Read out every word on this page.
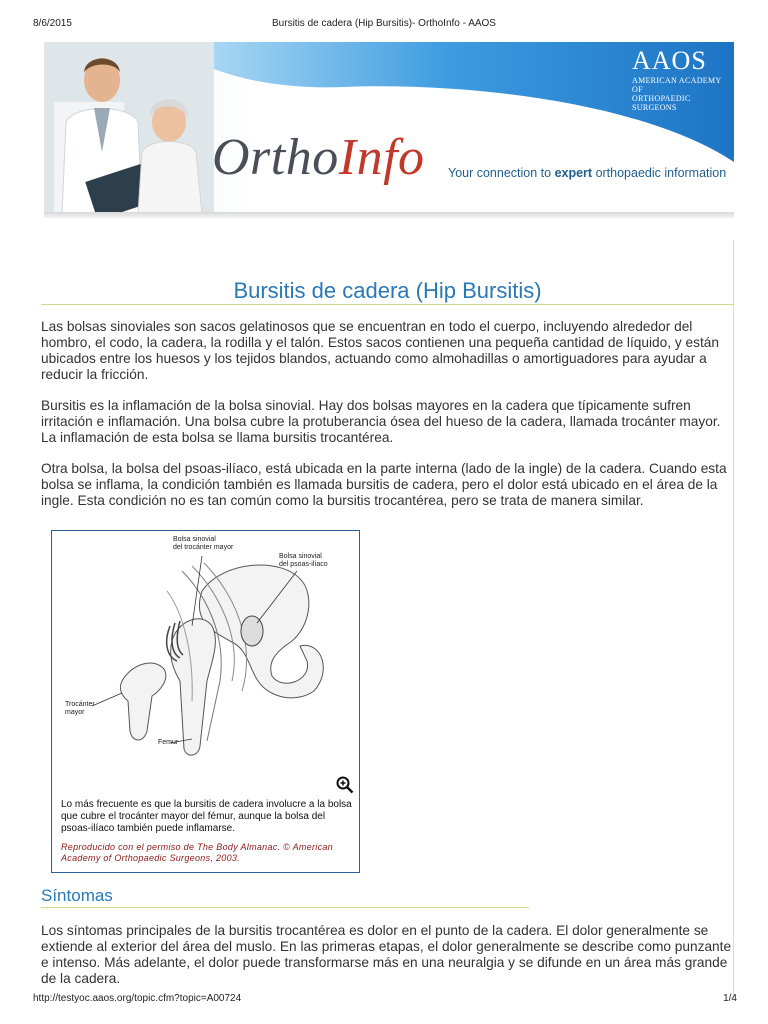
8/6/2015	Bursitis de cadera (Hip Bursitis)- OrthoInfo - AAOS
AAOS
AMERICAN ACADEMY OF
ORTHOPAEDIC SURGEONS
OrthoInfo Your connection to expert orthopaedic information
Bursitis de cadera (Hip Bursitis)

Las bolsas sinoviales son sacos gelatinosos que se encuentran en todo el cuerpo, incluyendo alrededor del hombro, el codo, la cadera, la rodilla y el talón. Estos sacos contienen una pequeña cantidad de líquido, y están ubicados entre los huesos y los tejidos blandos, actuando como almohadillas o amortiguadores para ayudar a reducir la fricción.

Bursitis es la inflamación de la bolsa sinovial. Hay dos bolsas mayores en la cadera que típicamente sufren irritación e inflamación. Una bolsa cubre la protuberancia ósea del hueso de la cadera, llamada trocánter mayor. La inflamación de esta bolsa se llama bursitis trocantérea.

Otra bolsa, la bolsa del psoas-ilíaco, está ubicada en la parte interna (lado de la ingle) de la cadera. Cuando esta bolsa se inflama, la condición también es llamada bursitis de cadera, pero el dolor está ubicado en el área de la ingle. Esta condición no es tan común como la bursitis trocantérea, pero se trata de manera similar.

Bolsa sinovial
del trocánter mayor
Bolsa sinovial
del psoas-ilíaco
Trocánter
mayor
Femur

Lo más frecuente es que la bursitis de cadera involucre a la bolsa que cubre el trocánter mayor del fémur, aunque la bolsa del psoas-ilíaco también puede inflamarse.

Reproducido con el permiso de The Body Almanac. © American Academy of Orthopaedic Surgeons, 2003.

Síntomas

Los síntomas principales de la bursitis trocantérea es dolor en el punto de la cadera. El dolor generalmente se extiende al exterior del área del muslo. En las primeras etapas, el dolor generalmente se describe como punzante e intenso. Más adelante, el dolor puede transformarse más en una neuralgia y se difunde en un área más grande de la cadera.

http://testyoc.aaos.org/topic.cfm?topic=A00724	1/4
